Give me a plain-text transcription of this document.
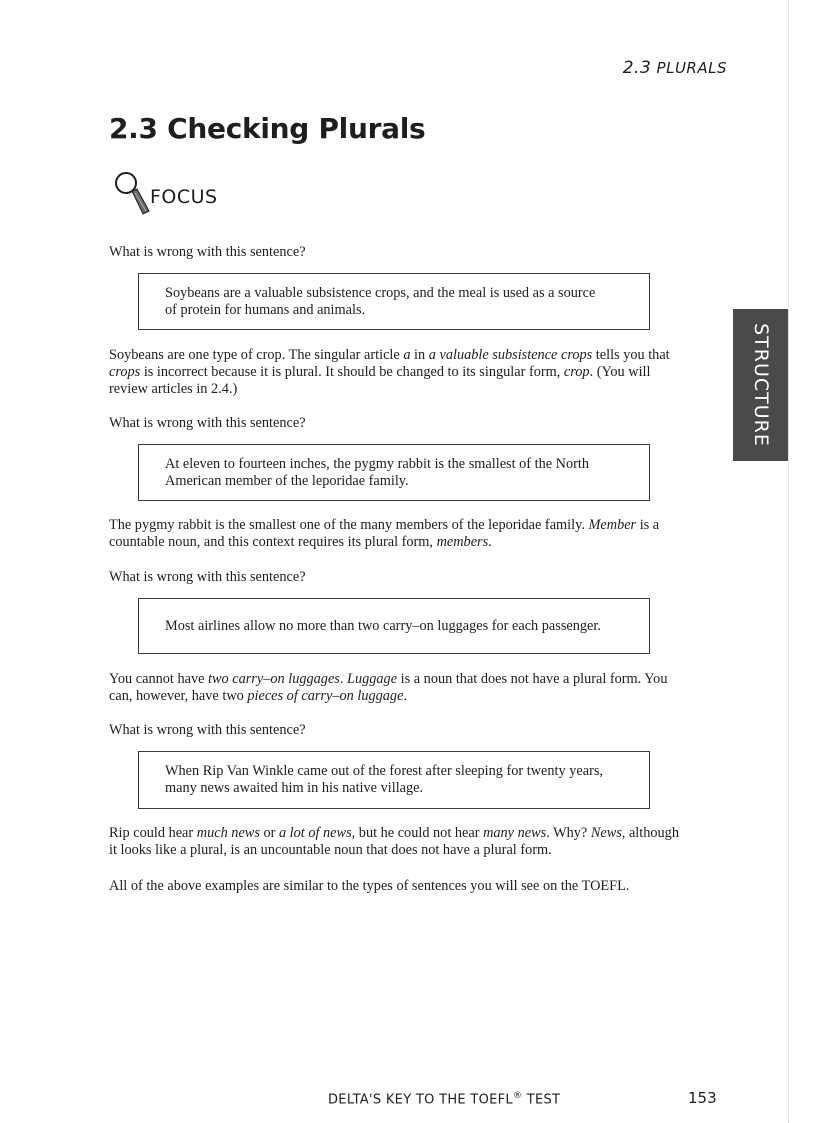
2.3 PLURALS
2.3 Checking Plurals
FOCUS
STRUCTURE

What is wrong with this sentence?

Soybeans are a valuable subsistence crops, and the meal is used as a source
of protein for humans and animals.

Soybeans are one type of crop. The singular article a in a valuable subsistence crops tells you that crops is incorrect because it is plural. It should be changed to its singular form, crop. (You will review articles in 2.4.)

What is wrong with this sentence?

At eleven to fourteen inches, the pygmy rabbit is the smallest of the North
American member of the leporidae family.

The pygmy rabbit is the smallest one of the many members of the leporidae family. Member is a countable noun, and this context requires its plural form, members.

What is wrong with this sentence?

Most airlines allow no more than two carry–on luggages for each passenger.

You cannot have two carry–on luggages. Luggage is a noun that does not have a plural form. You can, however, have two pieces of carry–on luggage.

What is wrong with this sentence?

When Rip Van Winkle came out of the forest after sleeping for twenty years,
many news awaited him in his native village.

Rip could hear much news or a lot of news, but he could not hear many news. Why? News, although it looks like a plural, is an uncountable noun that does not have a plural form.

All of the above examples are similar to the types of sentences you will see on the TOEFL.

DELTA'S KEY TO THE TOEFL® TEST	153
